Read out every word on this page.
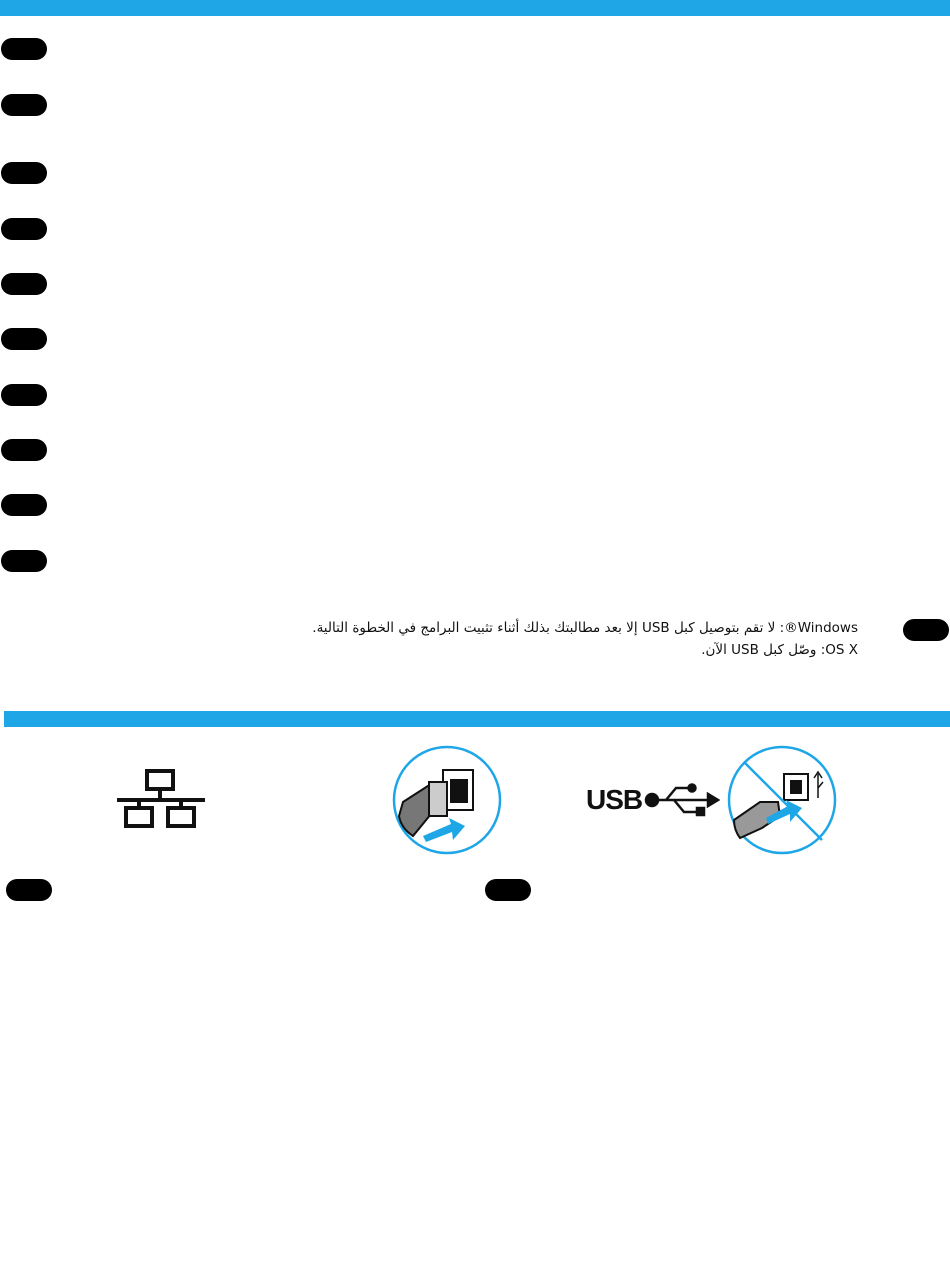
Windows®: لا تقم بتوصيل كبل USB إلا بعد مطالبتك بذلك أثناء تثبيت البرامج في الخطوة التالية.
OS X: وصّل كبل USB الآن.
USB
